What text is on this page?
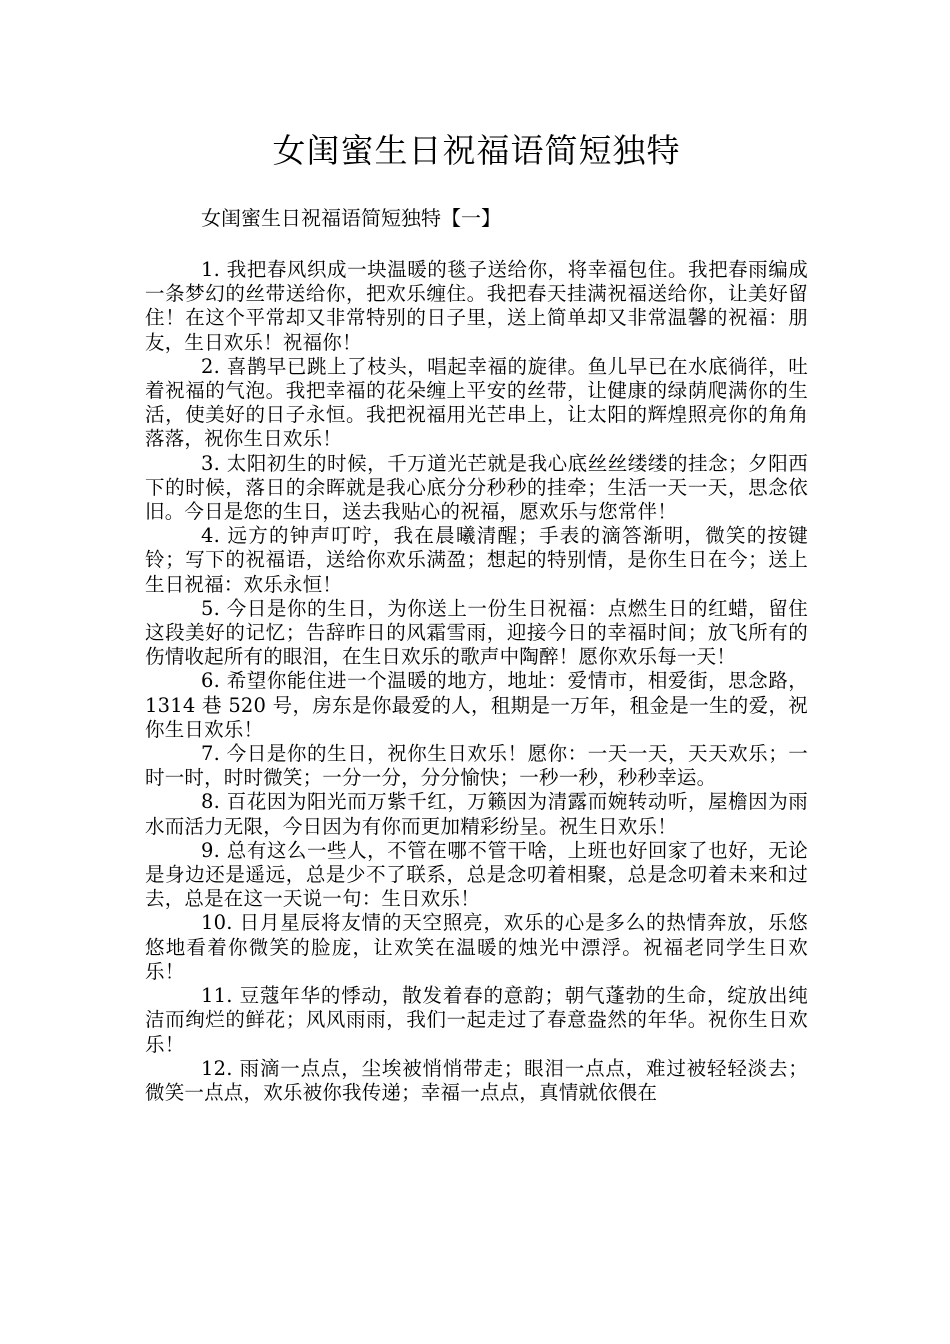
女闺蜜生日祝福语简短独特
女闺蜜生日祝福语简短独特【一】

1. 我把春风织成一块温暖的毯子送给你，将幸福包住。我把春雨编成一条梦幻的丝带送给你，把欢乐缠住。我把春天挂满祝福送给你，让美好留住！在这个平常却又非常特别的日子里，送上简单却又非常温馨的祝福：朋友，生日欢乐！祝福你！

2. 喜鹊早已跳上了枝头，唱起幸福的旋律。鱼儿早已在水底徜徉，吐着祝福的气泡。我把幸福的花朵缠上平安的丝带，让健康的绿荫爬满你的生活，使美好的日子永恒。我把祝福用光芒串上，让太阳的辉煌照亮你的角角落落，祝你生日欢乐！

3. 太阳初生的时候，千万道光芒就是我心底丝丝缕缕的挂念；夕阳西下的时候，落日的余晖就是我心底分分秒秒的挂牵；生活一天一天，思念依旧。今日是您的生日，送去我贴心的祝福，愿欢乐与您常伴！

4. 远方的钟声叮咛，我在晨曦清醒；手表的滴答渐明，微笑的按键铃；写下的祝福语，送给你欢乐满盈；想起的特别情，是你生日在今；送上生日祝福：欢乐永恒！

5. 今日是你的生日，为你送上一份生日祝福：点燃生日的红蜡，留住这段美好的记忆；告辞昨日的风霜雪雨，迎接今日的幸福时间；放飞所有的伤情收起所有的眼泪，在生日欢乐的歌声中陶醉！愿你欢乐每一天！

6. 希望你能住进一个温暖的地方，地址：爱情市，相爱街，思念路，1314 巷 520 号，房东是你最爱的人，租期是一万年，租金是一生的爱，祝你生日欢乐！

7. 今日是你的生日，祝你生日欢乐！愿你：一天一天，天天欢乐；一时一时，时时微笑；一分一分，分分愉快；一秒一秒，秒秒幸运。

8. 百花因为阳光而万紫千红，万籁因为清露而婉转动听，屋檐因为雨水而活力无限，今日因为有你而更加精彩纷呈。祝生日欢乐！

9. 总有这么一些人，不管在哪不管干啥，上班也好回家了也好，无论是身边还是遥远，总是少不了联系，总是念叨着相聚，总是念叨着未来和过去，总是在这一天说一句：生日欢乐！

10. 日月星辰将友情的天空照亮，欢乐的心是多么的热情奔放，乐悠悠地看着你微笑的脸庞，让欢笑在温暖的烛光中漂浮。祝福老同学生日欢乐！

11. 豆蔻年华的悸动，散发着春的意韵；朝气蓬勃的生命，绽放出纯洁而绚烂的鲜花；风风雨雨，我们一起走过了春意盎然的年华。祝你生日欢乐！

12. 雨滴一点点，尘埃被悄悄带走；眼泪一点点，难过被轻轻淡去；微笑一点点，欢乐被你我传递；幸福一点点，真情就依偎在
